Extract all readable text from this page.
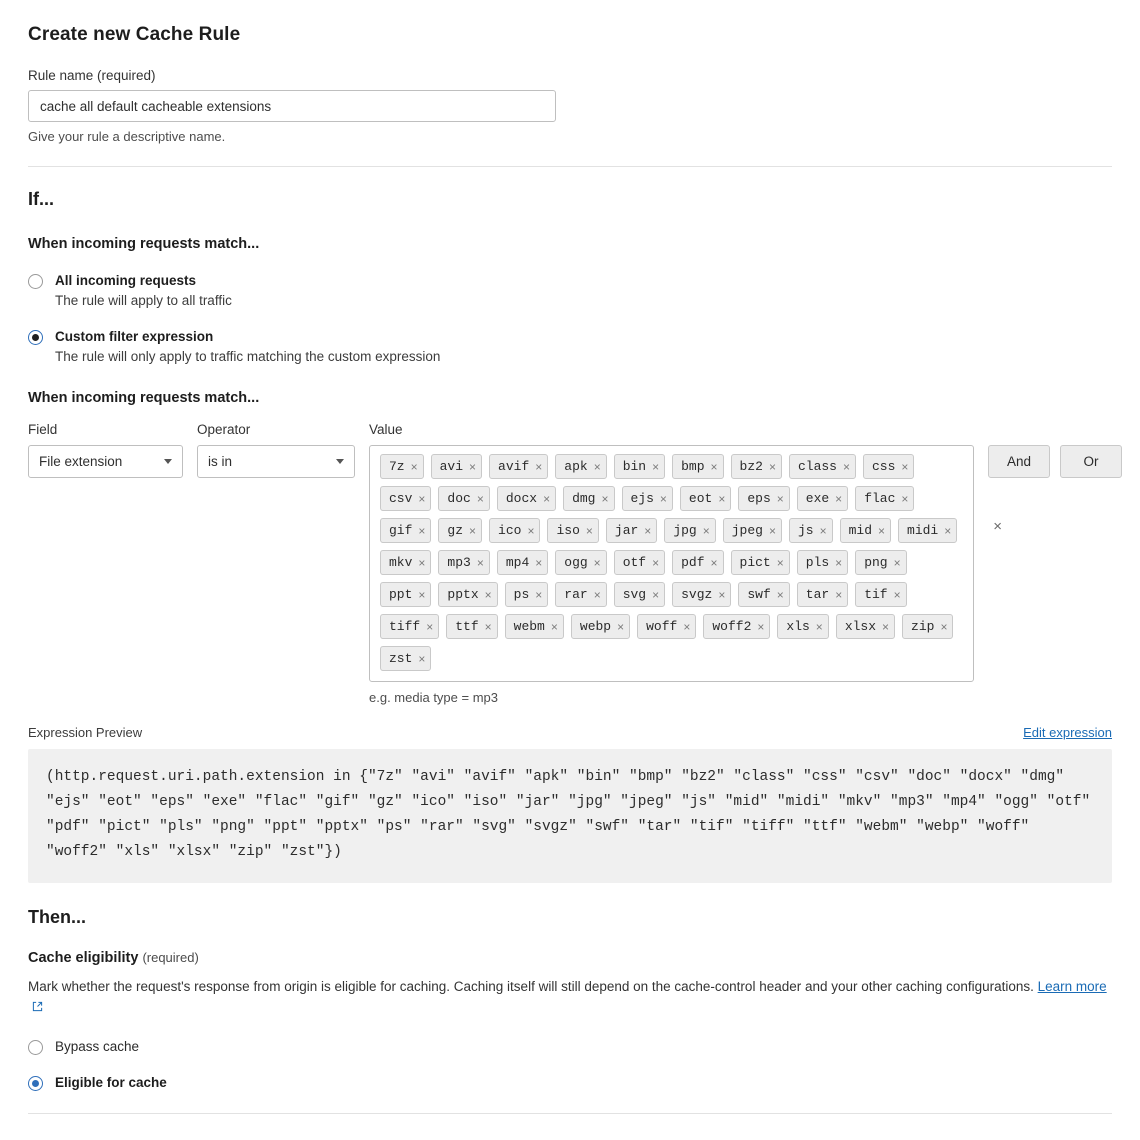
Create new Cache Rule
Rule name (required)
cache all default cacheable extensions
Give your rule a descriptive name.
If...
When incoming requests match...
All incoming requests
The rule will apply to all traffic
Custom filter expression
The rule will only apply to traffic matching the custom expression
When incoming requests match...
Field
File extension
Operator
is in
Value
7z × avi × avif × apk × bin × bmp × bz2 × class × css ×
csv × doc × docx × dmg × ejs × eot × eps × exe × flac ×
gif × gz × ico × iso × jar × jpg × jpeg × js × mid × midi ×
mkv × mp3 × mp4 × ogg × otf × pdf × pict × pls × png ×
ppt × pptx × ps × rar × svg × svgz × swf × tar × tif ×
tiff × ttf × webm × webp × woff × woff2 × xls × xlsx × zip ×
zst ×
×
e.g. media type = mp3

And	Or
Expression Preview	Edit expression
(http.request.uri.path.extension in {"7z" "avi" "avif" "apk" "bin" "bmp" "bz2" "class" "css" "csv" "doc" "docx" "dmg" "ejs" "eot" "eps" "exe" "flac" "gif" "gz" "ico" "iso" "jar" "jpg" "jpeg" "js" "mid" "midi" "mkv" "mp3" "mp4" "ogg" "otf" "pdf" "pict" "pls" "png" "ppt" "pptx" "ps" "rar" "svg" "svgz" "swf" "tar" "tif" "tiff" "ttf" "webm" "webp" "woff" "woff2" "xls" "xlsx" "zip" "zst"})
Then...
Cache eligibility (required)
Mark whether the request's response from origin is eligible for caching. Caching itself will still depend on the cache-control header and your other caching configurations. Learn more
Bypass cache
Eligible for cache
